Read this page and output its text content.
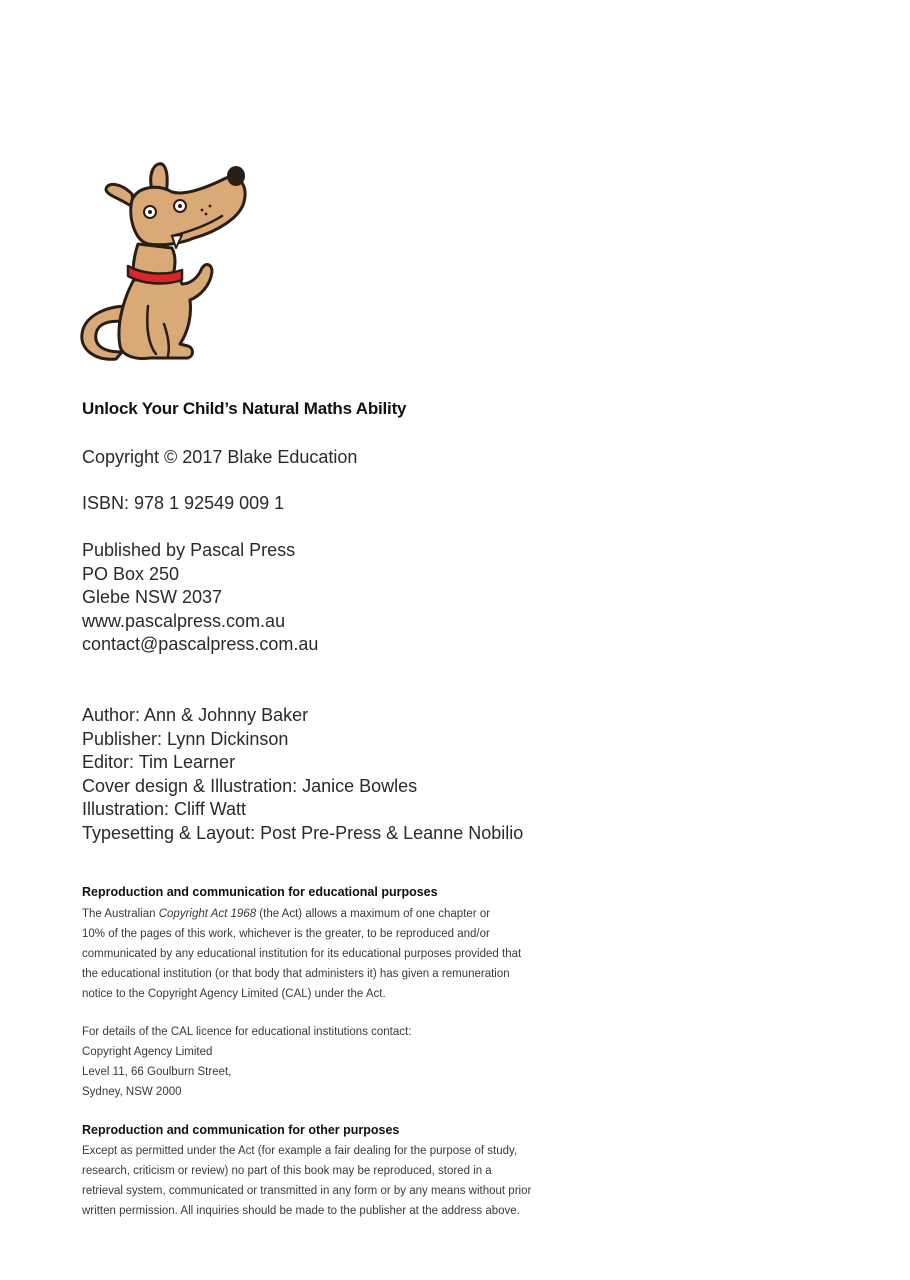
Unlock Your Child’s Natural Maths Ability

Copyright © 2017 Blake Education

ISBN: 978 1 92549 009 1

Published by Pascal Press
PO Box 250
Glebe NSW 2037
www.pascalpress.com.au
contact@pascalpress.com.au
Author: Ann & Johnny Baker
Publisher: Lynn Dickinson
Editor: Tim Learner
Cover design & Illustration: Janice Bowles
Illustration: Cliff Watt
Typesetting & Layout: Post Pre-Press & Leanne Nobilio
Reproduction and communication for educational purposes
The Australian Copyright Act 1968 (the Act) allows a maximum of one chapter or
10% of the pages of this work, whichever is the greater, to be reproduced and/or
communicated by any educational institution for its educational purposes provided that
the educational institution (or that body that administers it) has given a remuneration
notice to the Copyright Agency Limited (CAL) under the Act.
For details of the CAL licence for educational institutions contact:
Copyright Agency Limited
Level 11, 66 Goulburn Street,
Sydney, NSW 2000
Reproduction and communication for other purposes
Except as permitted under the Act (for example a fair dealing for the purpose of study,
research, criticism or review) no part of this book may be reproduced, stored in a
retrieval system, communicated or transmitted in any form or by any means without prior
written permission. All inquiries should be made to the publisher at the address above.
